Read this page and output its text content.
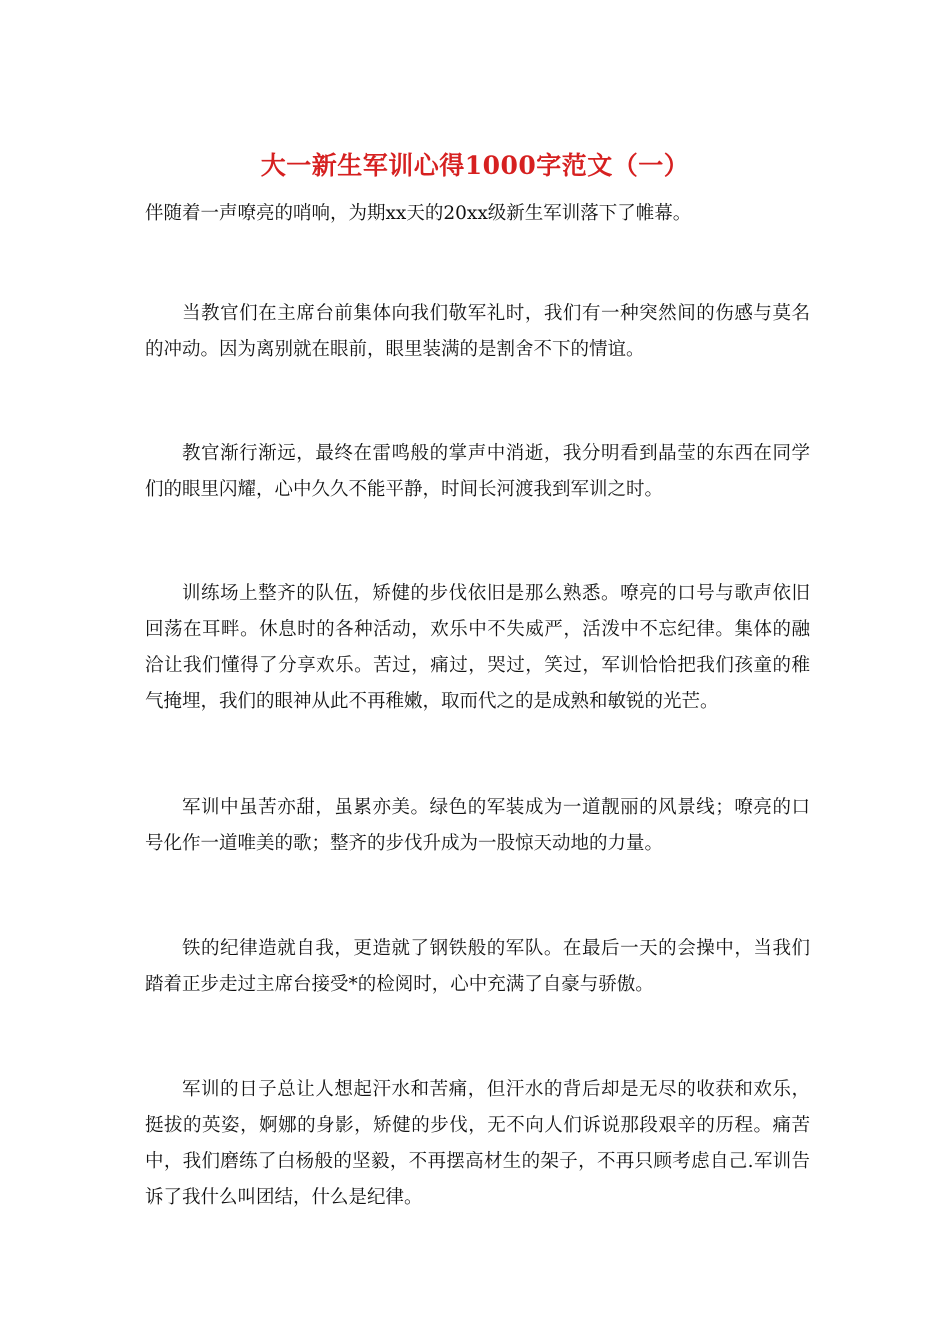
大一新生军训心得1000字范文（一）

伴随着一声嘹亮的哨响，为期xx天的20xx级新生军训落下了帷幕。

当教官们在主席台前集体向我们敬军礼时，我们有一种突然间的伤感与莫名的冲动。因为离别就在眼前，眼里装满的是割舍不下的情谊。

教官渐行渐远，最终在雷鸣般的掌声中消逝，我分明看到晶莹的东西在同学们的眼里闪耀，心中久久不能平静，时间长河渡我到军训之时。

训练场上整齐的队伍，矫健的步伐依旧是那么熟悉。嘹亮的口号与歌声依旧回荡在耳畔。休息时的各种活动，欢乐中不失威严，活泼中不忘纪律。集体的融洽让我们懂得了分享欢乐。苦过，痛过，哭过，笑过，军训恰恰把我们孩童的稚气掩埋，我们的眼神从此不再稚嫩，取而代之的是成熟和敏锐的光芒。

军训中虽苦亦甜，虽累亦美。绿色的军装成为一道靓丽的风景线；嘹亮的口号化作一道唯美的歌；整齐的步伐升成为一股惊天动地的力量。

铁的纪律造就自我，更造就了钢铁般的军队。在最后一天的会操中，当我们踏着正步走过主席台接受*的检阅时，心中充满了自豪与骄傲。

军训的日子总让人想起汗水和苦痛，但汗水的背后却是无尽的收获和欢乐，挺拔的英姿，婀娜的身影，矫健的步伐，无不向人们诉说那段艰辛的历程。痛苦中，我们磨练了白杨般的坚毅，不再摆高材生的架子，不再只顾考虑自己.军训告诉了我什么叫团结，什么是纪律。
